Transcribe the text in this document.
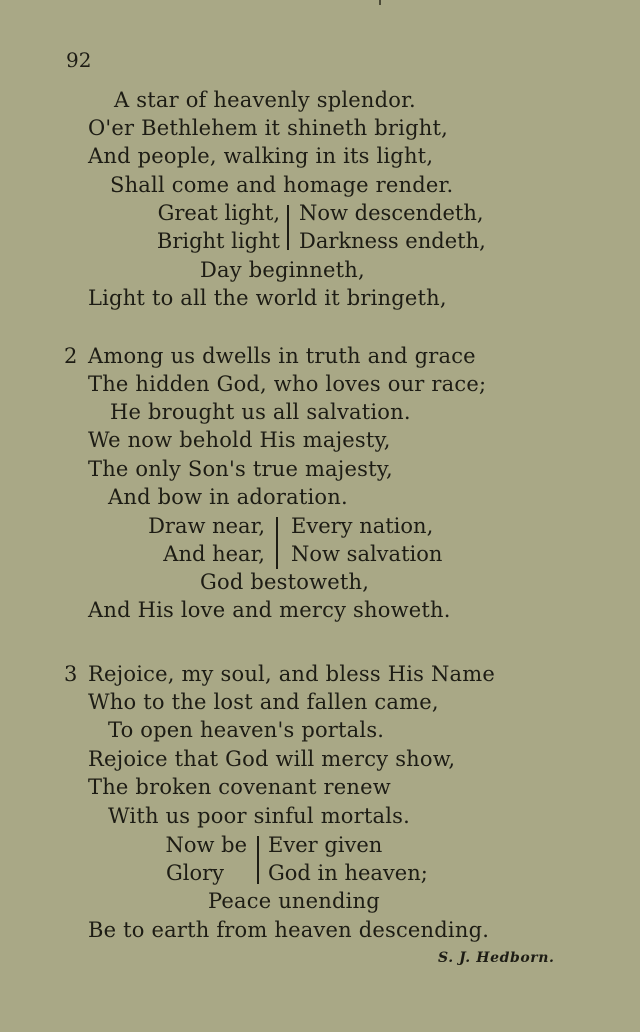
92
A star of heavenly splendor.
O'er Bethlehem it shineth bright,
And people, walking in its light,
Shall come and homage render.
Great light,
Bright light
Now descendeth,
Darkness endeth,
Day beginneth,
Light to all the world it bringeth,
2 Among us dwells in truth and grace
The hidden God, who loves our race;
He brought us all salvation.
We now behold His majesty,
The only Son's true majesty,
And bow in adoration.
Draw near,
And hear,
Every nation,
Now salvation
God bestoweth,
And His love and mercy showeth.
3 Rejoice, my soul, and bless His Name
Who to the lost and fallen came,
To open heaven's portals.
Rejoice that God will mercy show,
The broken covenant renew
With us poor sinful mortals.
Now be
Glory
Ever given
God in heaven;
Peace unending
Be to earth from heaven descending.
S. J. Hedborn.
